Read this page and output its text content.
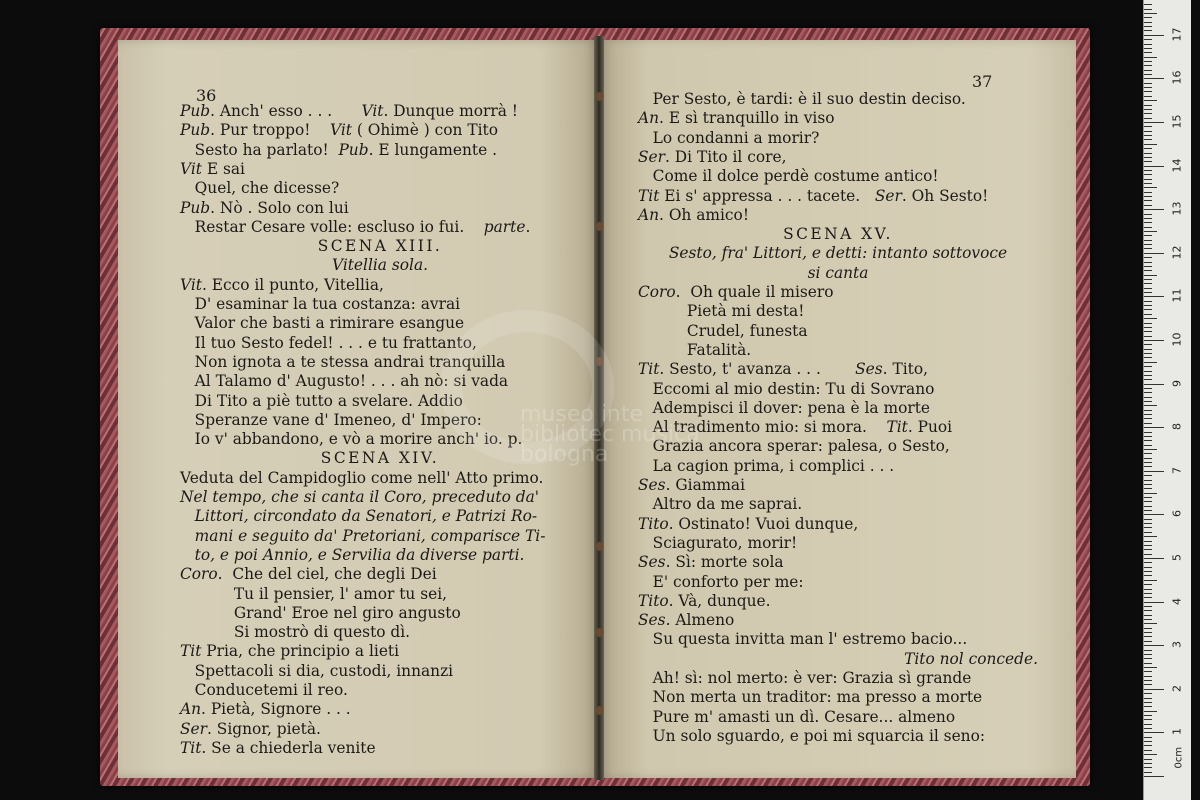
36
Pub. Anch' esso . . .      Vit. Dunque morrà !
Pub. Pur troppo!    Vit ( Ohimè ) con Tito
Sesto ha parlato!  Pub. E lungamente .
Vit E sai
Quel, che dicesse?
Pub. Nò . Solo con lui
Restar Cesare volle: escluso io fui.    parte.
SCENA XIII.
Vitellia sola.
Vit. Ecco il punto, Vitellia,
D' esaminar la tua costanza: avrai
Valor che basti a rimirare esangue
Il tuo Sesto fedel! . . . e tu frattanto,
Non ignota a te stessa andrai tranquilla
Al Talamo d' Augusto! . . . ah nò: si vada
Di Tito a piè tutto a svelare. Addio
Speranze vane d' Imeneo, d' Impero:
Io v' abbandono, e vò a morire anch' io. p.
SCENA XIV.
Veduta del Campidoglio come nell' Atto primo.
Nel tempo, che si canta il Coro, preceduto da'
Littori, circondato da Senatori, e Patrizi Ro-
mani e seguito da' Pretoriani, comparisce Ti-
to, e poi Annio, e Servilia da diverse parti.
Coro.  Che del ciel, che degli Dei
Tu il pensier, l' amor tu sei,
Grand' Eroe nel giro angusto
Si mostrò di questo dì.
Tit Pria, che principio a lieti
Spettacoli si dia, custodi, innanzi
Conducetemi il reo.
An. Pietà, Signore . . .
Ser. Signor, pietà.
Tit. Se a chiederla venite
37
Per Sesto, è tardi: è il suo destin deciso.
An. E sì tranquillo in viso
Lo condanni a morir?
Ser. Di Tito il core,
Come il dolce perdè costume antico!
Tit Ei s' appressa . . . tacete.   Ser. Oh Sesto!
An. Oh amico!
SCENA XV.
Sesto, fra' Littori, e detti: intanto sottovoce
si canta
Coro.  Oh quale il misero
Pietà mi desta!
Crudel, funesta
Fatalità.
Tit. Sesto, t' avanza . . .       Ses. Tito,
Eccomi al mio destin: Tu di Sovrano
Adempisci il dover: pena è la morte
Al tradimento mio: si mora.    Tit. Puoi
Grazia ancora sperar: palesa, o Sesto,
La cagion prima, i complici . . .
Ses. Giammai
Altro da me saprai.
Tito. Ostinato! Vuoi dunque,
Sciagurato, morir!
Ses. Sì: morte sola
E' conforto per me:
Tito. Và, dunque.
Ses. Almeno
Su questa invitta man l' estremo bacio...
Tito nol concede.
Ah! sì: nol merto: è ver: Grazia sì grande
Non merta un traditor: ma presso a morte
Pure m' amasti un dì. Cesare... almeno
Un solo sguardo, e poi mi squarcia il seno:
museo inte
bibliotec musica
bologna
0cm
1
2
3
4
5
6
7
8
9
10
11
12
13
14
15
16
17
